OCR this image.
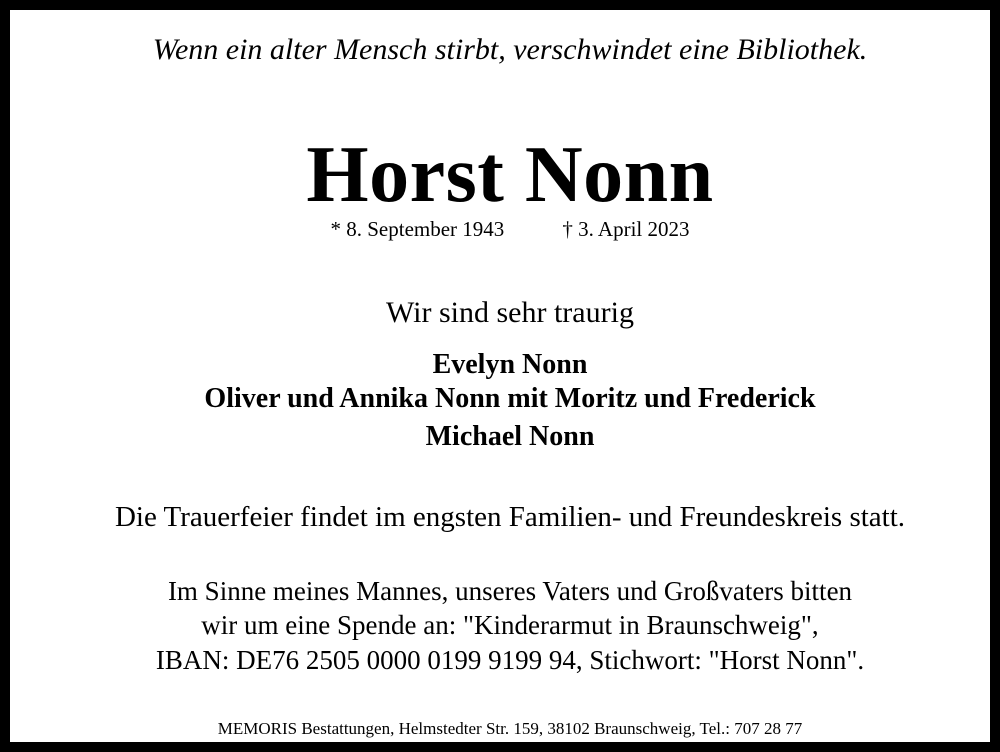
Wenn ein alter Mensch stirbt, verschwindet eine Bibliothek.
Horst Nonn
* 8. September 1943	† 3. April 2023
Wir sind sehr traurig
Evelyn Nonn
Oliver und Annika Nonn mit Moritz und Frederick
Michael Nonn
Die Trauerfeier findet im engsten Familien- und Freundeskreis statt.
Im Sinne meines Mannes, unseres Vaters und Großvaters bitten
wir um eine Spende an: "Kinderarmut in Braunschweig",
IBAN: DE76 2505 0000 0199 9199 94, Stichwort: "Horst Nonn".
MEMORIS Bestattungen, Helmstedter Str. 159, 38102 Braunschweig, Tel.: 707 28 77
